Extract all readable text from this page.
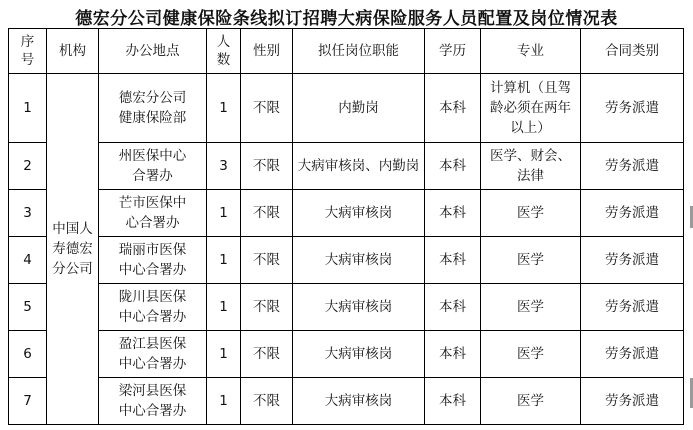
德宏分公司健康保险条线拟订招聘大病保险服务人员配置及岗位情况表
序号	机构	办公地点	人数	性别	拟任岗位职能	学历	专业	合同类别
1	中国人寿德宏分公司	德宏分公司健康保险部	1	不限	内勤岗	本科	计算机（且驾龄必须在两年以上）	劳务派遣
2		州医保中心合署办	3	不限	大病审核岗、内勤岗	本科	医学、财会、法律	劳务派遣
3		芒市医保中心合署办	1	不限	大病审核岗	本科	医学	劳务派遣
4		瑞丽市医保中心合署办	1	不限	大病审核岗	本科	医学	劳务派遣
5		陇川县医保中心合署办	1	不限	大病审核岗	本科	医学	劳务派遣
6		盈江县医保中心合署办	1	不限	大病审核岗	本科	医学	劳务派遣
7		梁河县医保中心合署办	1	不限	大病审核岗	本科	医学	劳务派遣
